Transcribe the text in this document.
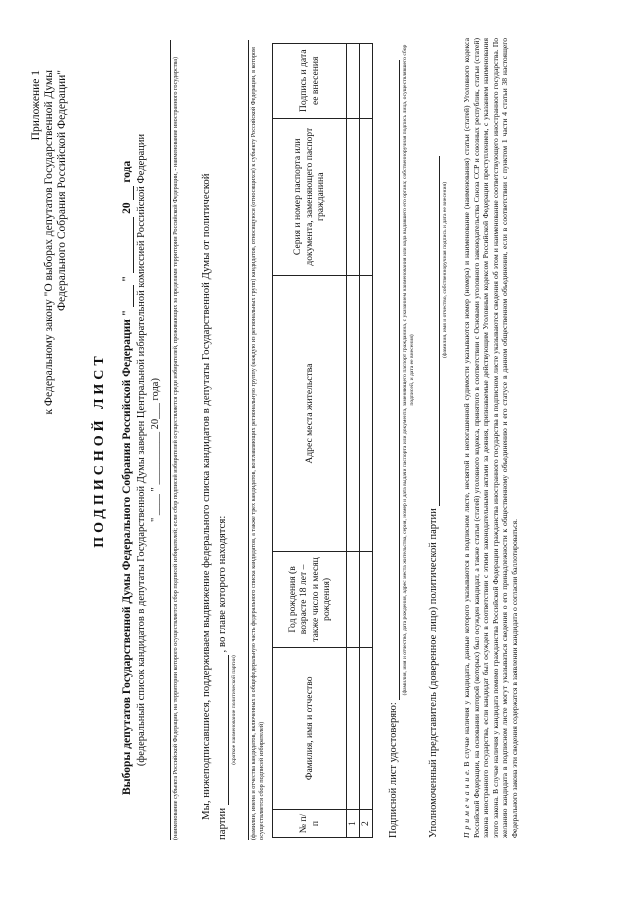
Приложение 1 к Федеральному закону "О выборах депутатов Государственной Думы Федерального Собрания Российской Федерации"
ПОДПИСНОЙ ЛИСТ Выборы депутатов Государственной Думы Федерального Собрания Российской Федерации "   "   20   года (федеральный список кандидатов в депутаты Государственной Думы заверен Центральной избирательной комиссией Российской Федерации " ____ " __________ 20___ года)	(наименование субъекта Российской Федерации, на территории которого осуществляется сбор подписей избирателей; если сбор подписей избирателей осуществляется среди избирателей, проживающих за пределами территории Российской Федерации, - наименование иностранного государства) Мы, нижеподписавшиеся, поддерживаем выдвижение федерального списка кандидатов в депутаты Государственной Думы от политической
партии   , во главе которого находятся:
(краткое наименование политической партии)	(фамилии, имена и отчества кандидатов, включенных в общефедеральную часть федерального списка кандидатов, а также трех кандидатов, возглавляющих региональную группу (каждую из региональных групп) кандидатов, относящуюся (относящихся) к субъекту Российской Федерации, в котором осуществляется сбор подписей избирателей)	№ п/п	Фамилия, имя и отчество	Год рождения (в возрасте 18 лет – также число и месяц рождения)	Адрес места жительства	Серия и номер паспорта или документа, заменяющего паспорт гражданина	Подпись и дата ее внесения
1					
2					Подписной лист удостоверяю:
(фамилия, имя и отчество, дата рождения, адрес места жительства, серия, номер и дата выдачи паспорта или документа, заменяющего паспорт гражданина, с указанием наименования или кода выдавшего его органа; собственноручная подпись лица, осуществлявшего сбор подписей, и дата ее внесения)
Уполномоченный представитель (доверенное лицо) политической партии
(фамилия, имя и отчество, собственноручная подпись и дата ее внесения)
П р и м е ч а н и е. В случае наличия у кандидата, данные которого указываются в подписном листе, несвятой и непогашенной судимости указываются номер (номера) и наименование (наименования) статьи (статей) Уголовного кодекса Российской Федерации, на основании которой (которых) был осужден кандидат, а также статьи (статей) уголовного кодекса, принятого в соответствии с Основами уголовного законодательства Союза ССР и союзных республик, статьи (статей) закона иностранного государства, если кандидат был осужден в соответствии с этими законодательными актами за деяния, признаваемые действующим Уголовным кодексом Российской Федерации преступлением, с указанием наименования этого закона. В случае наличия у кандидата помимо гражданства Российской Федерации гражданства иностранного государства в подписном листе указываются сведения об этом и наименование соответствующего иностранного государства. По желанию кандидата в подписном листе могут указываться сведения о его принадлежности к общественному объединению и его статусе в данном общественном объединении, если в соответствии с пунктом 1 части 4 статьи 38 настоящего Федерального закона эти сведения содержатся в заявлении кандидата о согласии баллотироваться.
